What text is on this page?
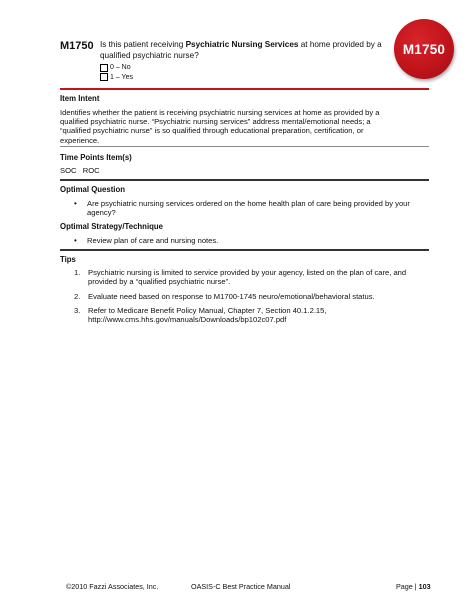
M1750 Is this patient receiving Psychiatric Nursing Services at home provided by a qualified psychiatric nurse?
0 – No
1 – Yes
M1750
Item Intent
Identifies whether the patient is receiving psychiatric nursing services at home as provided by a qualified psychiatric nurse. “Psychiatric nursing services” address mental/emotional needs; a “qualified psychiatric nurse” is so qualified through educational preparation, certification, or experience.
Time Points Item(s)
SOC   ROC
Optimal Question
•	Are psychiatric nursing services ordered on the home health plan of care being provided by your agency?
Optimal Strategy/Technique
•	Review plan of care and nursing notes.
Tips
1.	Psychiatric nursing is limited to service provided by your agency, listed on the plan of care, and provided by a “qualified psychiatric nurse”.
2.	Evaluate need based on response to M1700-1745 neuro/emotional/behavioral status.
3.	Refer to Medicare Benefit Policy Manual, Chapter 7, Section 40.1.2.15, http://www.cms.hhs.gov/manuals/Downloads/bp102c07.pdf
©2010 Fazzi Associates, Inc.	OASIS-C Best Practice Manual	Page | 103
